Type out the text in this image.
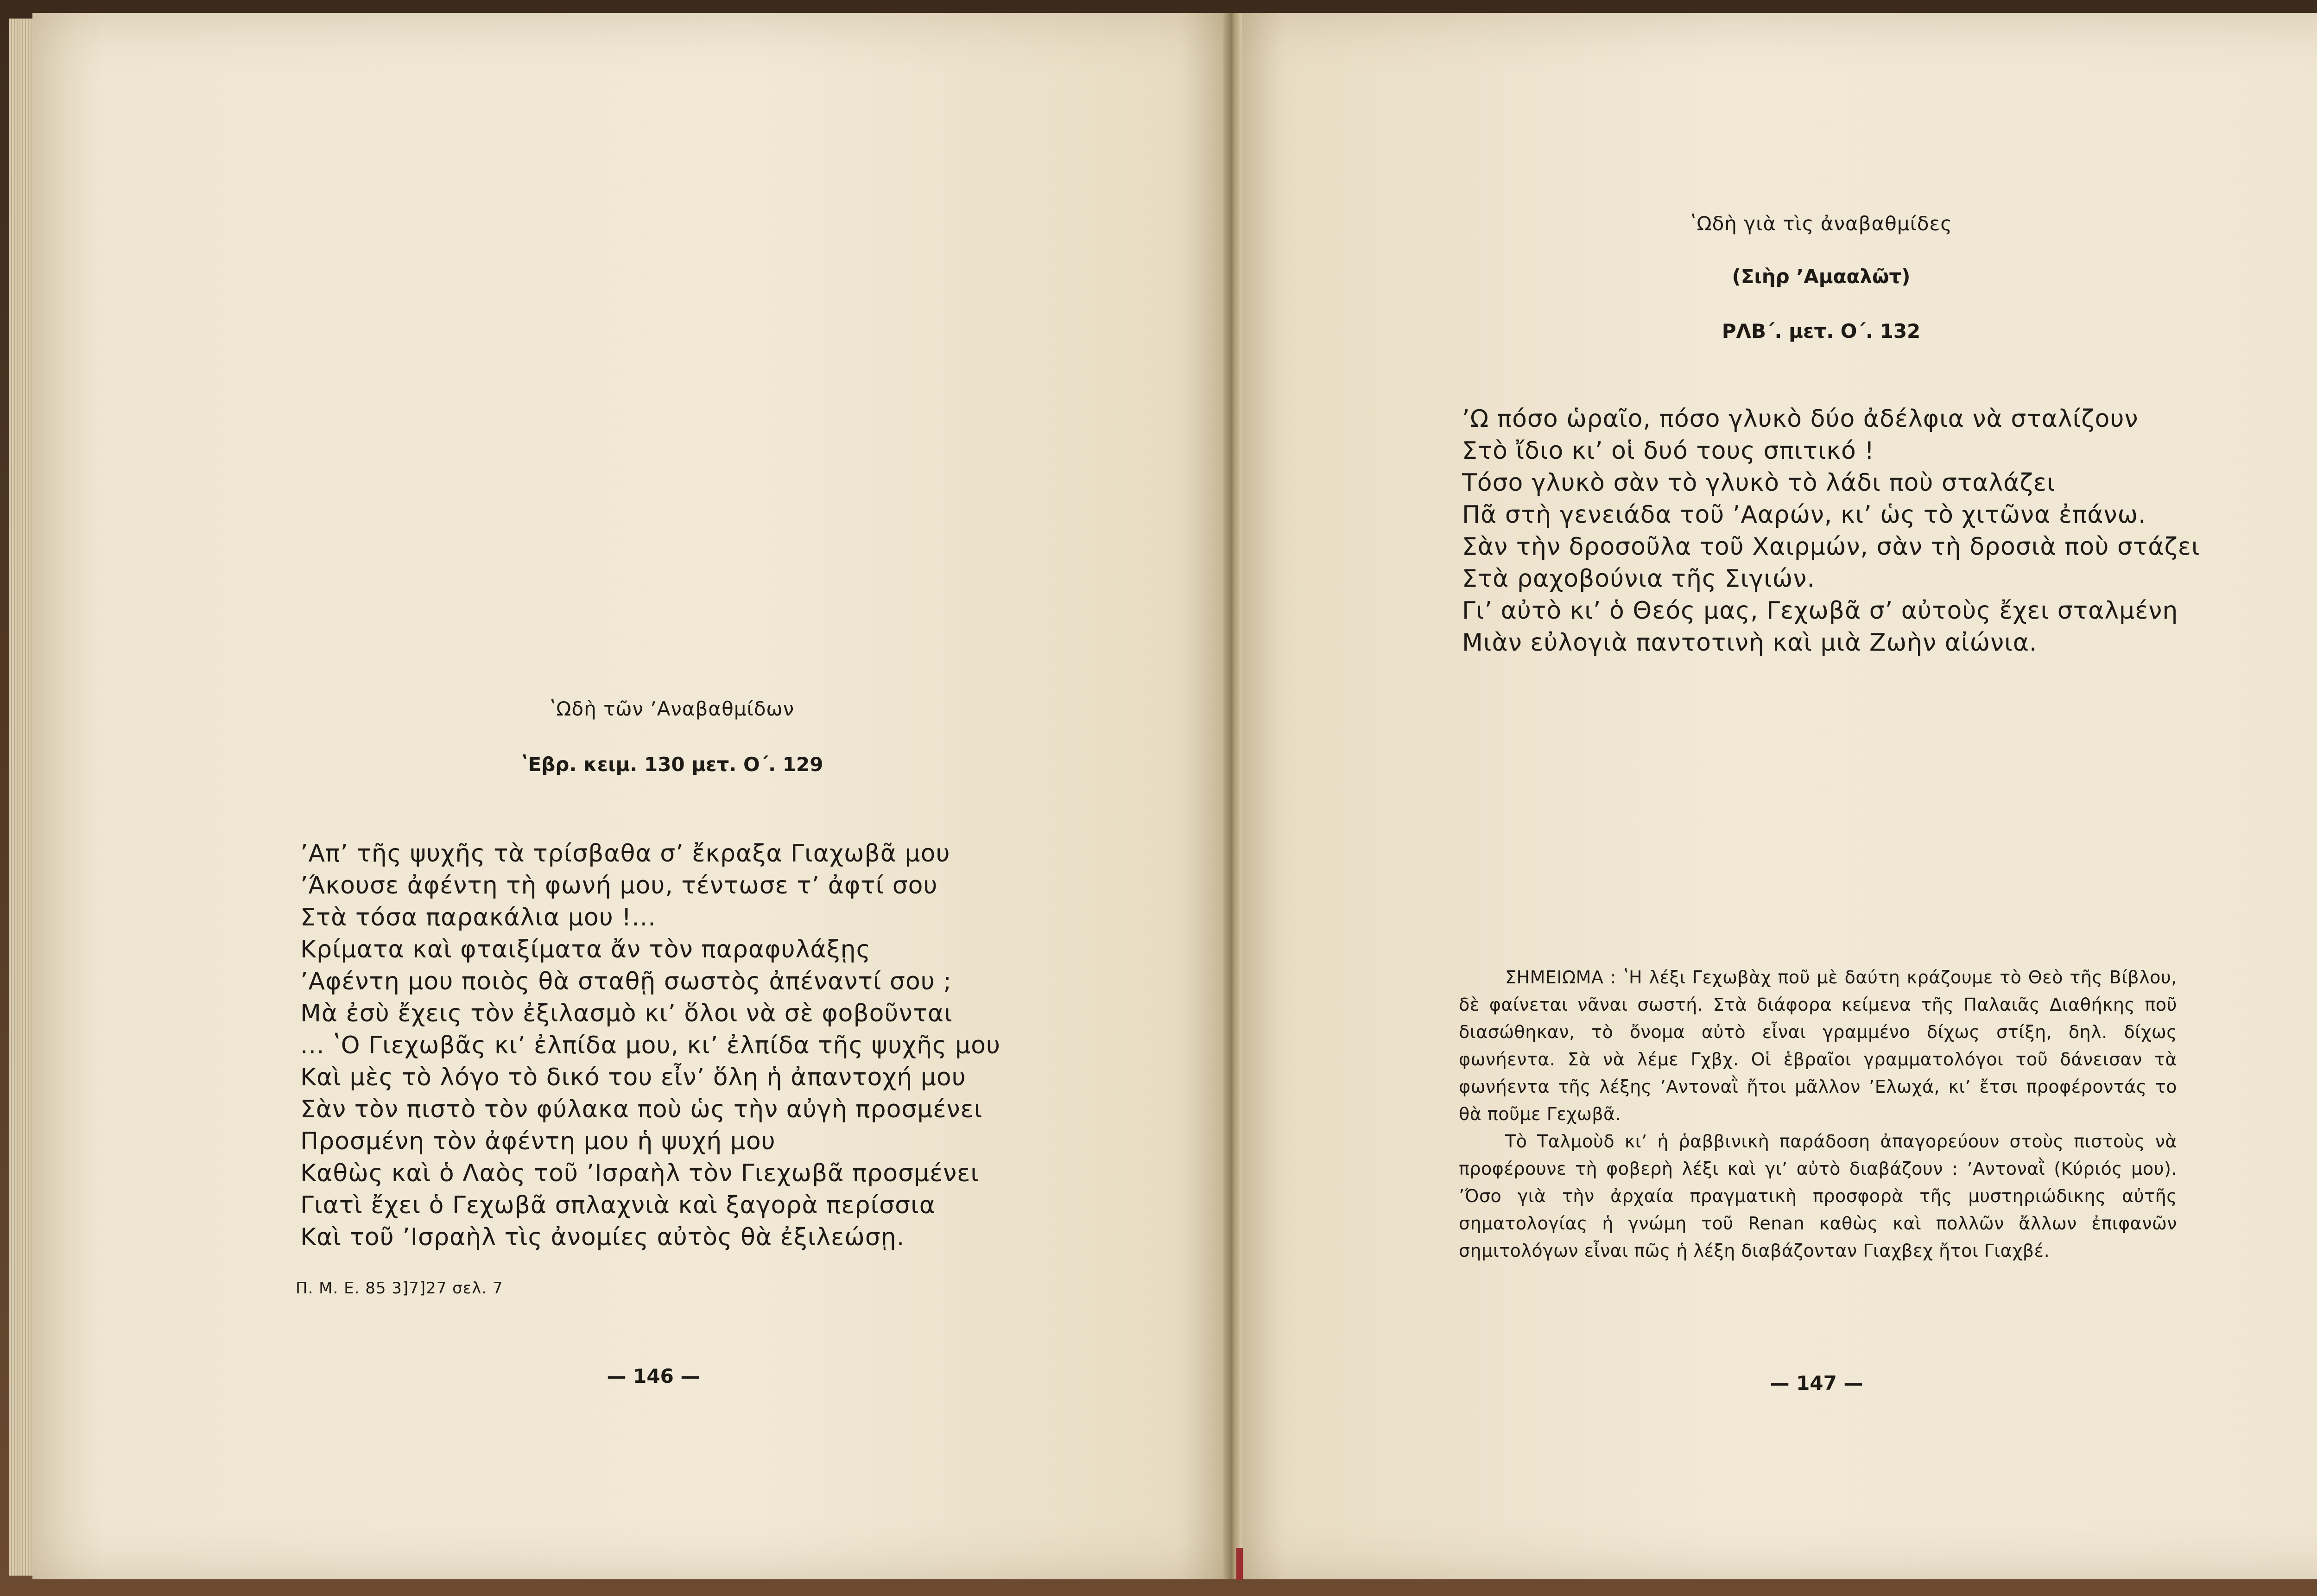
ʽΩδὴ τῶν ʼΑναβαθμίδων
ʽΕβρ. κειμ. 130 μετ. Ο΄. 129
ʼΑπʼ τῆς ψυχῆς τὰ τρίσβαθα σʼ ἔκραξα Γιαχωβᾶ μου
ʼΆκουσε ἀφέντη τὴ φωνή μου, τέντωσε τʼ ἀφτί σου
Στὰ τόσα παρακάλια μου !...
Κρίματα καὶ φταιξίματα ἄν τὸν παραφυλάξῃς
ʼΑφέντη μου ποιὸς θὰ σταθῇ σωστὸς ἀπέναντί σου ;
Μὰ ἐσὺ ἔχεις τὸν ἐξιλασμὸ κιʼ ὅλοι νὰ σὲ φοβοῦνται
... ʽΟ Γιεχωβᾶς κιʼ ἐλπίδα μου, κιʼ ἐλπίδα τῆς ψυχῆς μου
Καὶ μὲς τὸ λόγο τὸ δικό του εἶνʼ ὅλη ἡ ἀπαντοχή μου
Σὰν τὸν πιστὸ τὸν φύλακα ποὺ ὡς τὴν αὐγὴ προσμένει
Προσμένη τὸν ἀφέντη μου ἡ ψυχή μου
Καθὼς καὶ ὁ Λαὸς τοῦ ʼΙσραὴλ τὸν Γιεχωβᾶ προσμένει
Γιατὶ ἔχει ὁ Γεχωβᾶ σπλαχνιὰ καὶ ξαγορὰ περίσσια
Καὶ τοῦ ʼΙσραὴλ τὶς ἀνομίες αὐτὸς θὰ ἐξιλεώσῃ.
Π. Μ. Ε. 85 3]7]27 σελ. 7
— 146 —
ʽΩδὴ γιὰ τὶς ἀναβαθμίδες
(Σιὴρ ʼΑμααλῶτ)
ΡΛΒ΄. μετ. Ο΄. 132
ʼΩ πόσο ὡραῖο, πόσο γλυκὸ δύο ἀδέλφια νὰ σταλίζουν
Στὸ ἴδιο κιʼ οἱ δυό τους σπιτικό !
Τόσο γλυκὸ σὰν τὸ γλυκὸ τὸ λάδι ποὺ σταλάζει
Πᾶ στὴ γενειάδα τοῦ ʼΑαρών, κιʼ ὡς τὸ χιτῶνα ἐπάνω.
Σὰν τὴν δροσοῦλα τοῦ Χαιρμών, σὰν τὴ δροσιὰ ποὺ στάζει
Στὰ ραχοβούνια τῆς Σιγιών.
Γιʼ αὐτὸ κιʼ ὁ Θεός μας, Γεχωβᾶ σʼ αὐτοὺς ἔχει σταλμένη
Μιὰν εὐλογιὰ παντοτινὴ καὶ μιὰ Ζωὴν αἰώνια.

ΣΗΜΕΙΩΜΑ : ʽΗ λέξι Γεχωβὰχ ποῦ μὲ δαύτη κράζουμε τὸ Θεὸ τῆς Βίβλου, δὲ φαίνεται νᾶναι σωστή. Στὰ διάφορα κείμενα τῆς Παλαιᾶς Διαθήκης ποῦ διασώθηκαν, τὸ ὄνομα αὐτὸ εἶναι γραμμένο δίχως στίξη, δηλ. δίχως φωνήεντα. Σὰ νὰ λέμε Γχβχ. Οἱ ἑβραῖοι γραμματολόγοι τοῦ δάνεισαν τὰ φωνήεντα τῆς λέξης ʼΑντοναῒ ἤτοι μᾶλλον ʼΕλωχά, κιʼ ἔτσι προφέροντάς το θὰ ποῦμε Γεχωβᾶ.

Τὸ Ταλμοὺδ κιʼ ἡ ῥαββινικὴ παράδοση ἀπαγορεύουν στοὺς πιστοὺς νὰ προφέρουνε τὴ φοβερὴ λέξι καὶ γιʼ αὐτὸ διαβάζουν : ʼΑντοναῒ (Κύριός μου). ʼΌσο γιὰ τὴν ἀρχαία πραγματικὴ προσφορὰ τῆς μυστηριώδικης αὐτῆς σηματολογίας ἡ γνώμη τοῦ Renan καθὼς καὶ πολλῶν ἄλλων ἐπιφανῶν σημιτολόγων εἶναι πῶς ἡ λέξη διαβάζονταν Γιαχβεχ ἤτοι Γιαχβέ.

— 147 —
